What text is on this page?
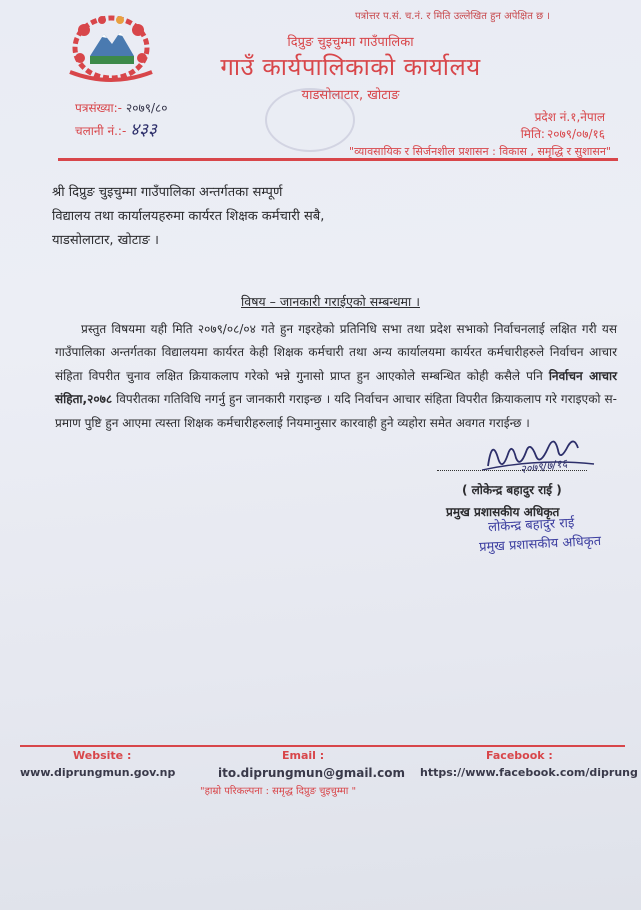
पत्रोत्तर प.सं. च.नं. र मिति उल्लेखित हुन अपेक्षित छ ।
दिप्रुङ चुइचुम्मा गाउँपालिका
गाउँ कार्यपालिकाको कार्यालय
याडसोलाटार, खोटाङ
पत्रसंख्या:- २०७९/८०
चलानी नं.:- ४३३
प्रदेश नं.१,नेपाल
मिति: २०७९/०७/१६
"व्यावसायिक र सिर्जनशील प्रशासन : विकास , समृद्धि र सुशासन"
श्री दिप्रुङ चुइचुम्मा गाउँपालिका अन्तर्गतका सम्पूर्ण
विद्यालय तथा कार्यालयहरुमा कार्यरत शिक्षक कर्मचारी सबै,
याडसोलाटार, खोटाङ ।
विषय – जानकारी गराईएको सम्बन्धमा ।

प्रस्तुत विषयमा यही मिति २०७९/०८/०४ गते हुन गइरहेको प्रतिनिधि सभा तथा प्रदेश सभाको निर्वाचनलाई लक्षित गरी यस गाउँपालिका अन्तर्गतका विद्यालयमा कार्यरत केही शिक्षक कर्मचारी तथा अन्य कार्यालयमा कार्यरत कर्मचारीहरुले निर्वाचन आचार संहिता विपरीत चुनाव लक्षित क्रियाकलाप गरेको भन्ने गुनासो प्राप्त हुन आएकोले सम्बन्धित कोही कसैले पनि निर्वाचन आचार संहिता,२०७८ विपरीतका गतिविधि नगर्नु हुन जानकारी गराइन्छ । यदि निर्वाचन आचार संहिता विपरीत क्रियाकलाप गरे गराइएको स-प्रमाण पुष्टि हुन आएमा त्यस्ता शिक्षक कर्मचारीहरुलाई नियमानुसार कारवाही हुने व्यहोरा समेत अवगत गराईन्छ ।

२०७९/७/१६
( लोकेन्द्र बहादुर राई )
प्रमुख प्रशासकीय अधिकृत
लोकेन्द्र बहादुर राई
प्रमुख प्रशासकीय अधिकृत
Website :
www.diprungmun.gov.np
Email :
ito.diprungmun@gmail.com
Facebook :
https://www.facebook.com/diprung
"हाम्रो परिकल्पना : समृद्ध दिप्रुङ चुइचुम्मा "
